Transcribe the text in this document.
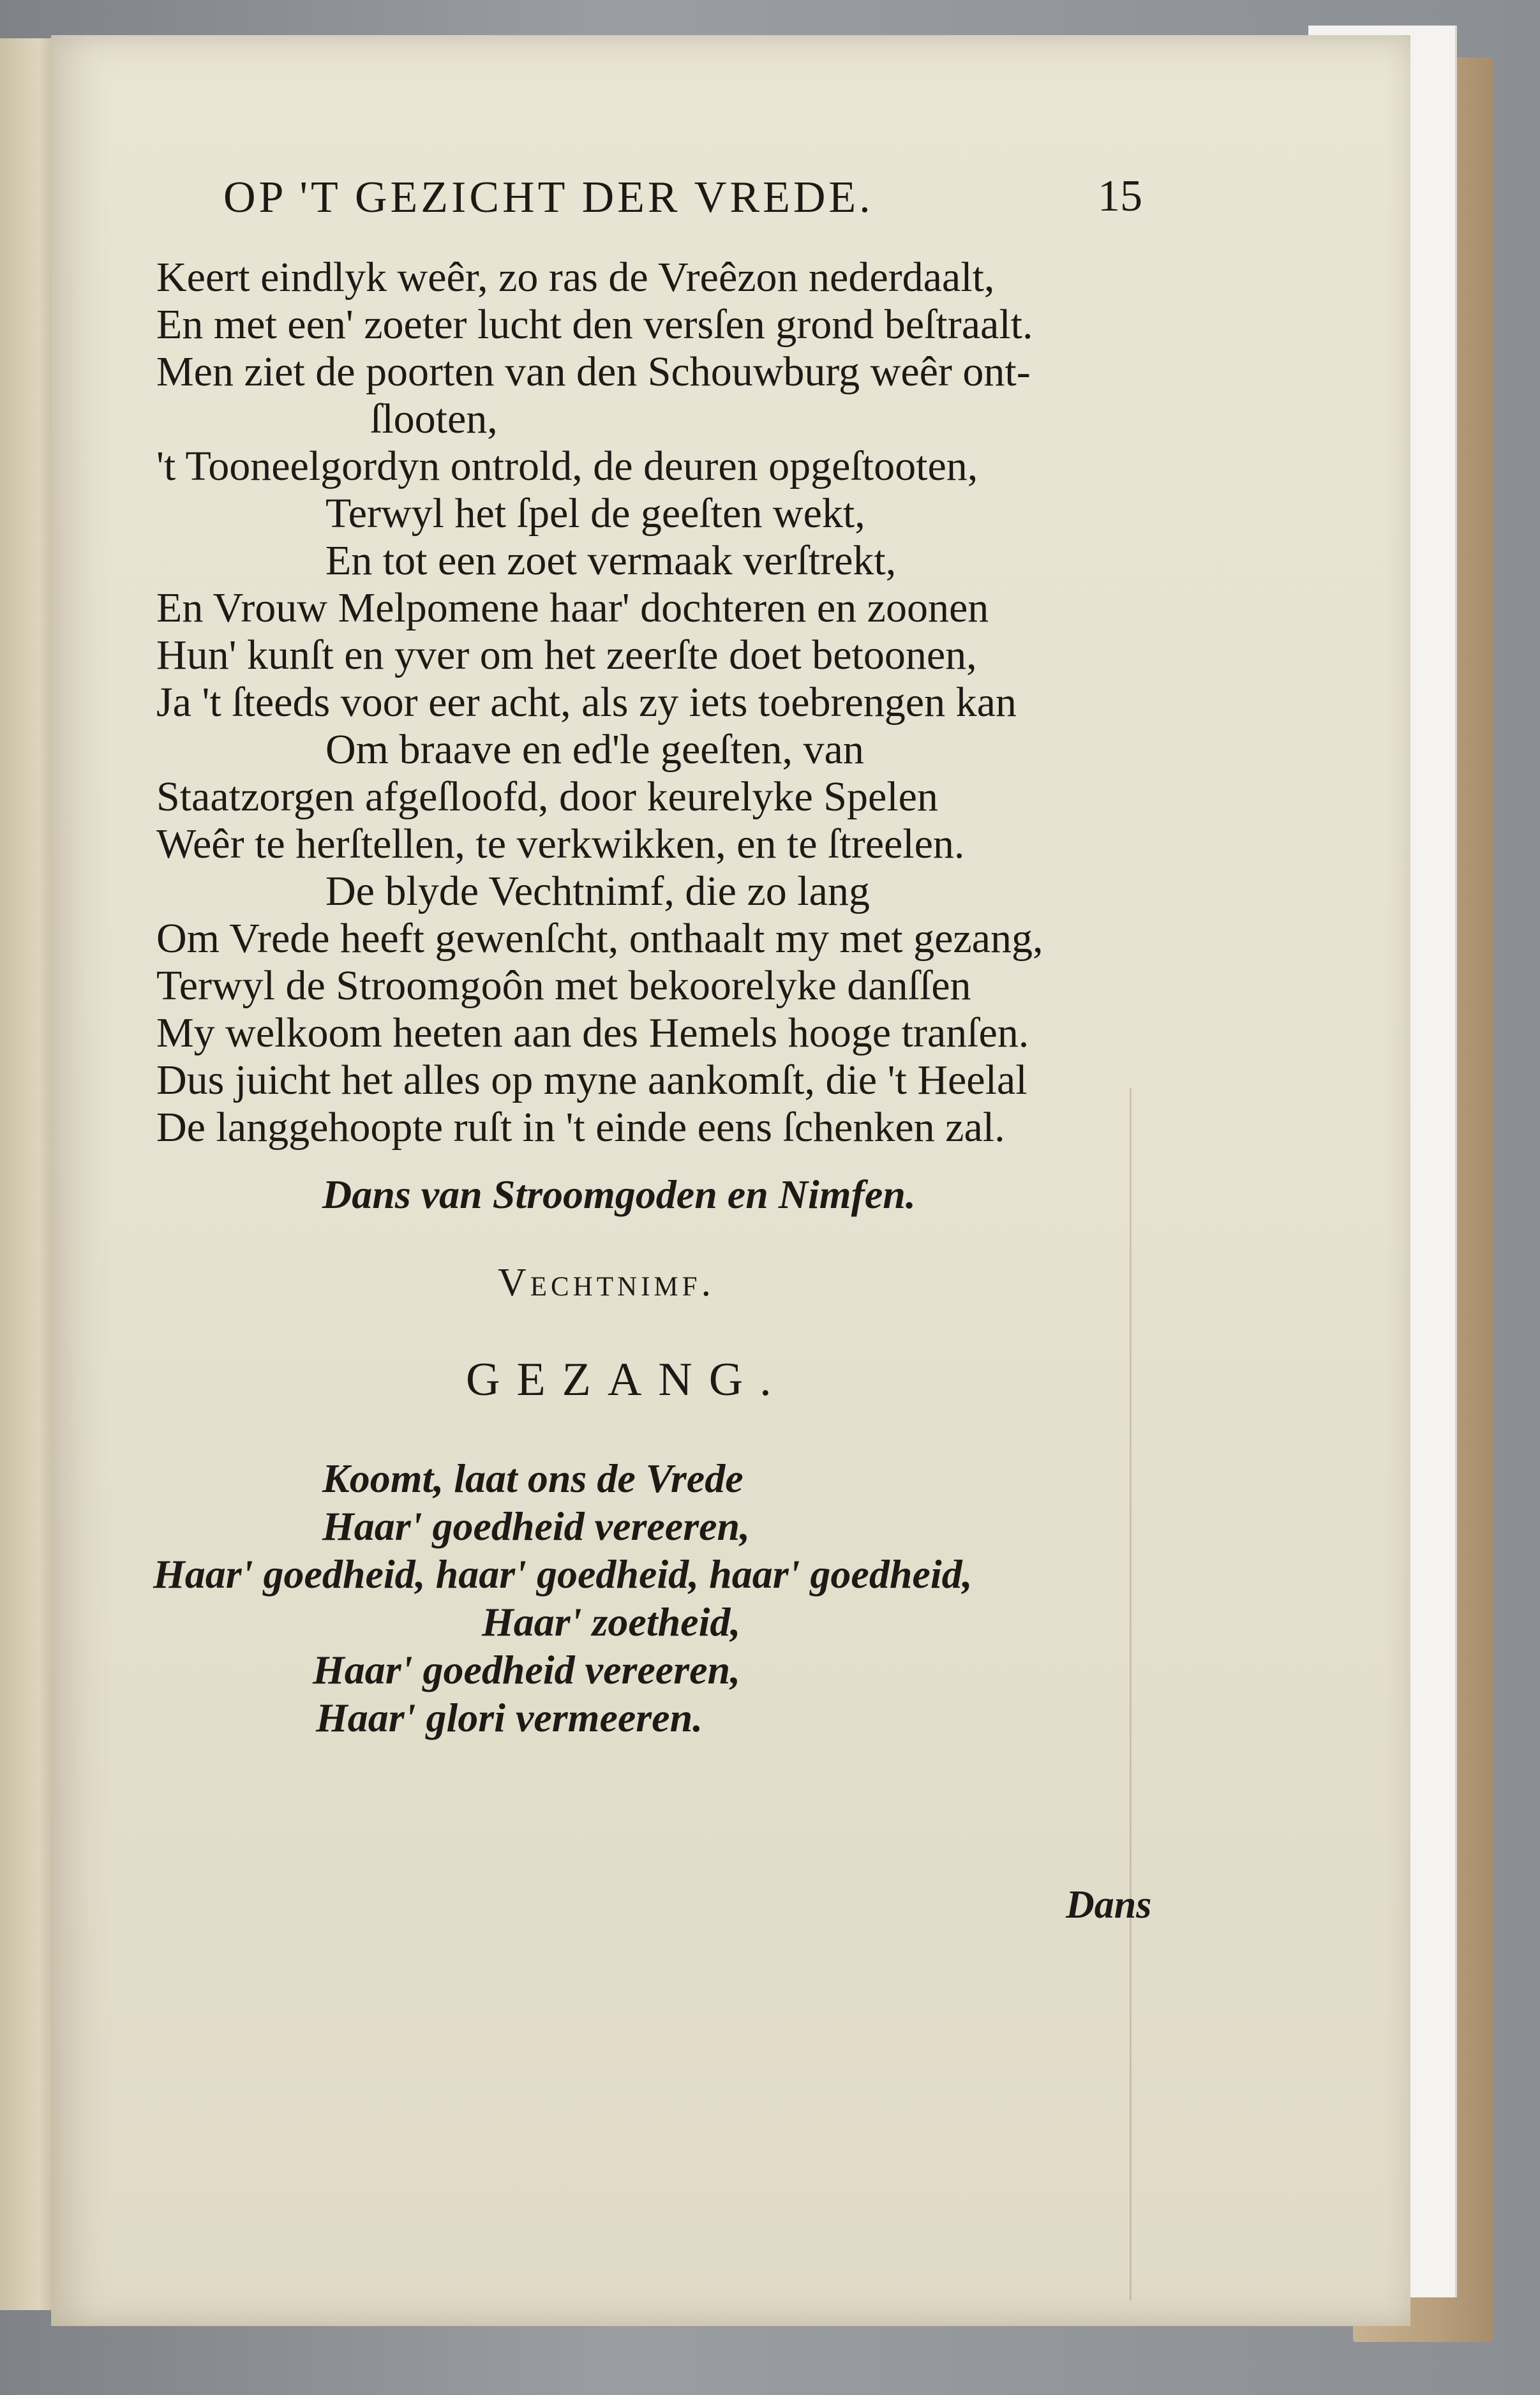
OP 'T GEZICHT DER VREDE.	15
Keert eindlyk weêr, zo ras de Vreêzon nederdaalt,
En met een' zoeter lucht den versſen grond beſtraalt.
Men ziet de poorten van den Schouwburg weêr ont-
ſlooten,
't Tooneelgordyn ontrold, de deuren opgeſtooten,
Terwyl het ſpel de geeſten wekt,
En tot een zoet vermaak verſtrekt,
En Vrouw Melpomene haar' dochteren en zoonen
Hun' kunſt en yver om het zeerſte doet betoonen,
Ja 't ſteeds voor eer acht, als zy iets toebrengen kan
Om braave en ed'le geeſten, van
Staatzorgen afgeſloofd, door keurelyke Spelen
Weêr te herſtellen, te verkwikken, en te ſtreelen.
De blyde Vechtnimf, die zo lang
Om Vrede heeft gewenſcht, onthaalt my met gezang,
Terwyl de Stroomgoôn met bekoorelyke danſſen
My welkoom heeten aan des Hemels hooge tranſen.
Dus juicht het alles op myne aankomſt, die 't Heelal
De langgehoopte ruſt in 't einde eens ſchenken zal.
Dans van Stroomgoden en Nimfen.
Vechtnimf.
GEZANG.
Koomt, laat ons de Vrede
Haar' goedheid vereeren,
Haar' goedheid, haar' goedheid, haar' goedheid,
Haar' zoetheid,
Haar' goedheid vereeren,
Haar' glori vermeeren.
Dans
